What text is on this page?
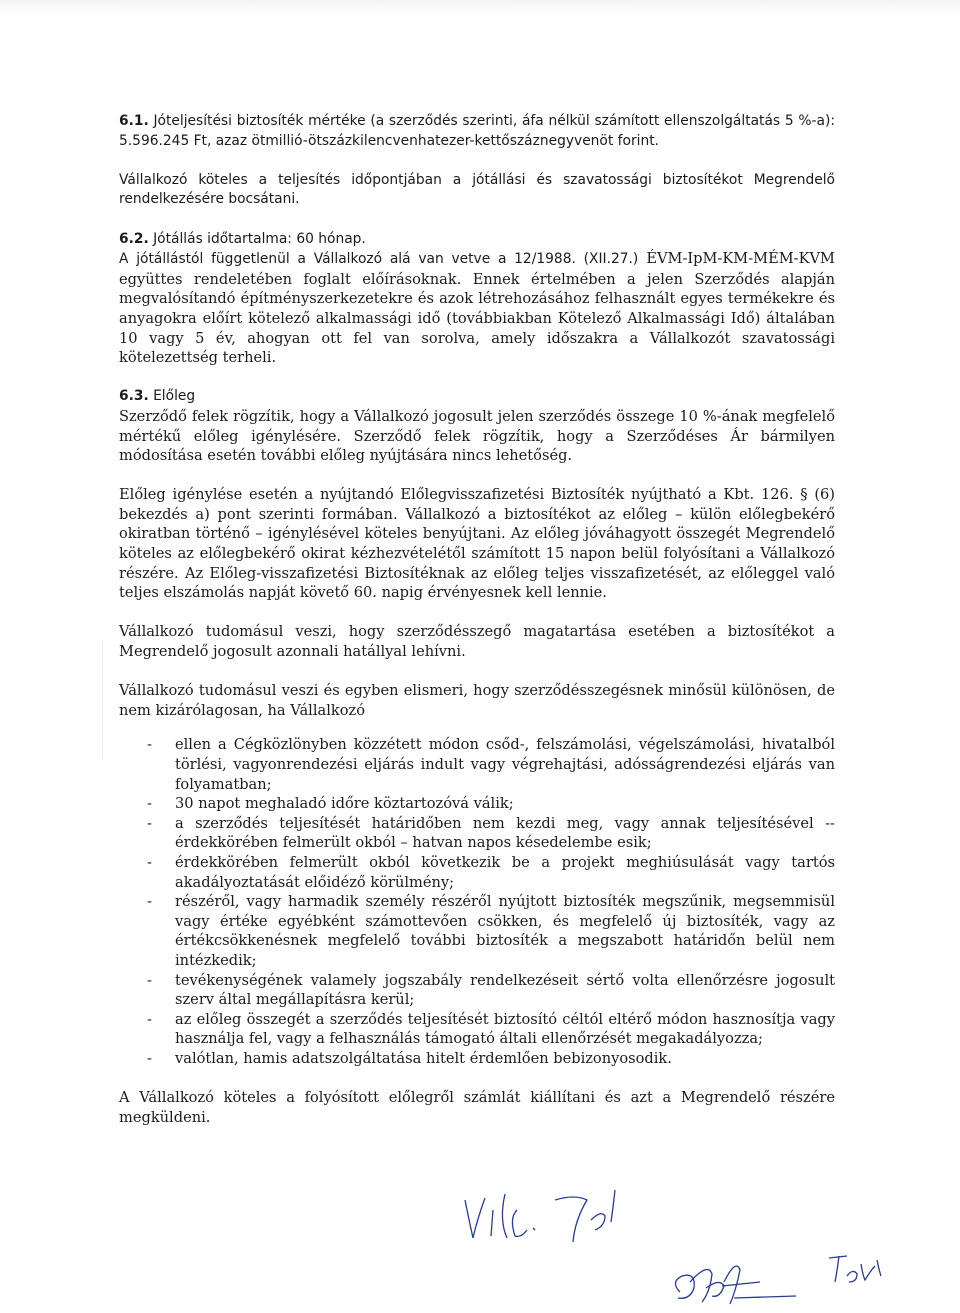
6.1. Jóteljesítési biztosíték mértéke (a szerződés szerinti, áfa nélkül számított ellenszolgáltatás 5 %-a): 5.596.245 Ft, azaz ötmillió-ötszázkilencvenhatezer-kettőszáznegyvenöt forint.

Vállalkozó köteles a teljesítés időpontjában a jótállási és szavatossági biztosítékot Megrendelő rendelkezésére bocsátani.

6.2. Jótállás időtartalma: 60 hónap.

A jótállástól függetlenül a Vállalkozó alá van vetve a 12/1988. (XII.27.) ÉVM-IpM-KM-MÉM-KVM együttes rendeletében foglalt előírásoknak. Ennek értelmében a jelen Szerződés alapján megvalósítandó építményszerkezetekre és azok létrehozásához felhasznált egyes termékekre és anyagokra előírt kötelező alkalmassági idő (továbbiakban Kötelező Alkalmassági Idő) általában 10 vagy 5 év, ahogyan ott fel van sorolva, amely időszakra a Vállalkozót szavatossági kötelezettség terheli.

6.3. Előleg

Szerződő felek rögzítik, hogy a Vállalkozó jogosult jelen szerződés összege 10 %-ának megfelelő mértékű előleg igénylésére. Szerződő felek rögzítik, hogy a Szerződéses Ár bármilyen módosítása esetén további előleg nyújtására nincs lehetőség.

Előleg igénylése esetén a nyújtandó Előlegvisszafizetési Biztosíték nyújtható a Kbt. 126. § (6) bekezdés a) pont szerinti formában. Vállalkozó a biztosítékot az előleg – külön előlegbekérő okiratban történő – igénylésével köteles benyújtani. Az előleg jóváhagyott összegét Megrendelő köteles az előlegbekérő okirat kézhezvételétől számított 15 napon belül folyósítani a Vállalkozó részére. Az Előleg-visszafizetési Biztosítéknak az előleg teljes visszafizetését, az előleggel való teljes elszámolás napját követő 60. napig érvényesnek kell lennie.

Vállalkozó tudomásul veszi, hogy szerződésszegő magatartása esetében a biztosítékot a Megrendelő jogosult azonnali hatállyal lehívni.

Vállalkozó tudomásul veszi és egyben elismeri, hogy szerződésszegésnek minősül különösen, de nem kizárólagosan, ha Vállalkozó

- ellen a Cégközlönyben közzétett módon csőd-, felszámolási, végelszámolási, hivatalból törlési, vagyonrendezési eljárás indult vagy végrehajtási, adósságrendezési eljárás van folyamatban;
- 30 napot meghaladó időre köztartozóvá válik;
- a szerződés teljesítését határidőben nem kezdi meg, vagy annak teljesítésével -- érdekkörében felmerült okból – hatvan napos késedelembe esik;
- érdekkörében felmerült okból következik be a projekt meghiúsulását vagy tartós akadályoztatását előidéző körülmény;
- részéről, vagy harmadik személy részéről nyújtott biztosíték megszűnik, megsemmisül vagy értéke egyébként számottevően csökken, és megfelelő új biztosíték, vagy az értékcsökkenésnek megfelelő további biztosíték a megszabott határidőn belül nem intézkedik;
- tevékenységének valamely jogszabály rendelkezéseit sértő volta ellenőrzésre jogosult szerv által megállapításra kerül;
- az előleg összegét a szerződés teljesítését biztosító céltól eltérő módon hasznosítja vagy használja fel, vagy a felhasználás támogató általi ellenőrzését megakadályozza;
- valótlan, hamis adatszolgáltatása hitelt érdemlően bebizonyosodik.

A Vállalkozó köteles a folyósított előlegről számlát kiállítani és azt a Megrendelő részére megküldeni.
